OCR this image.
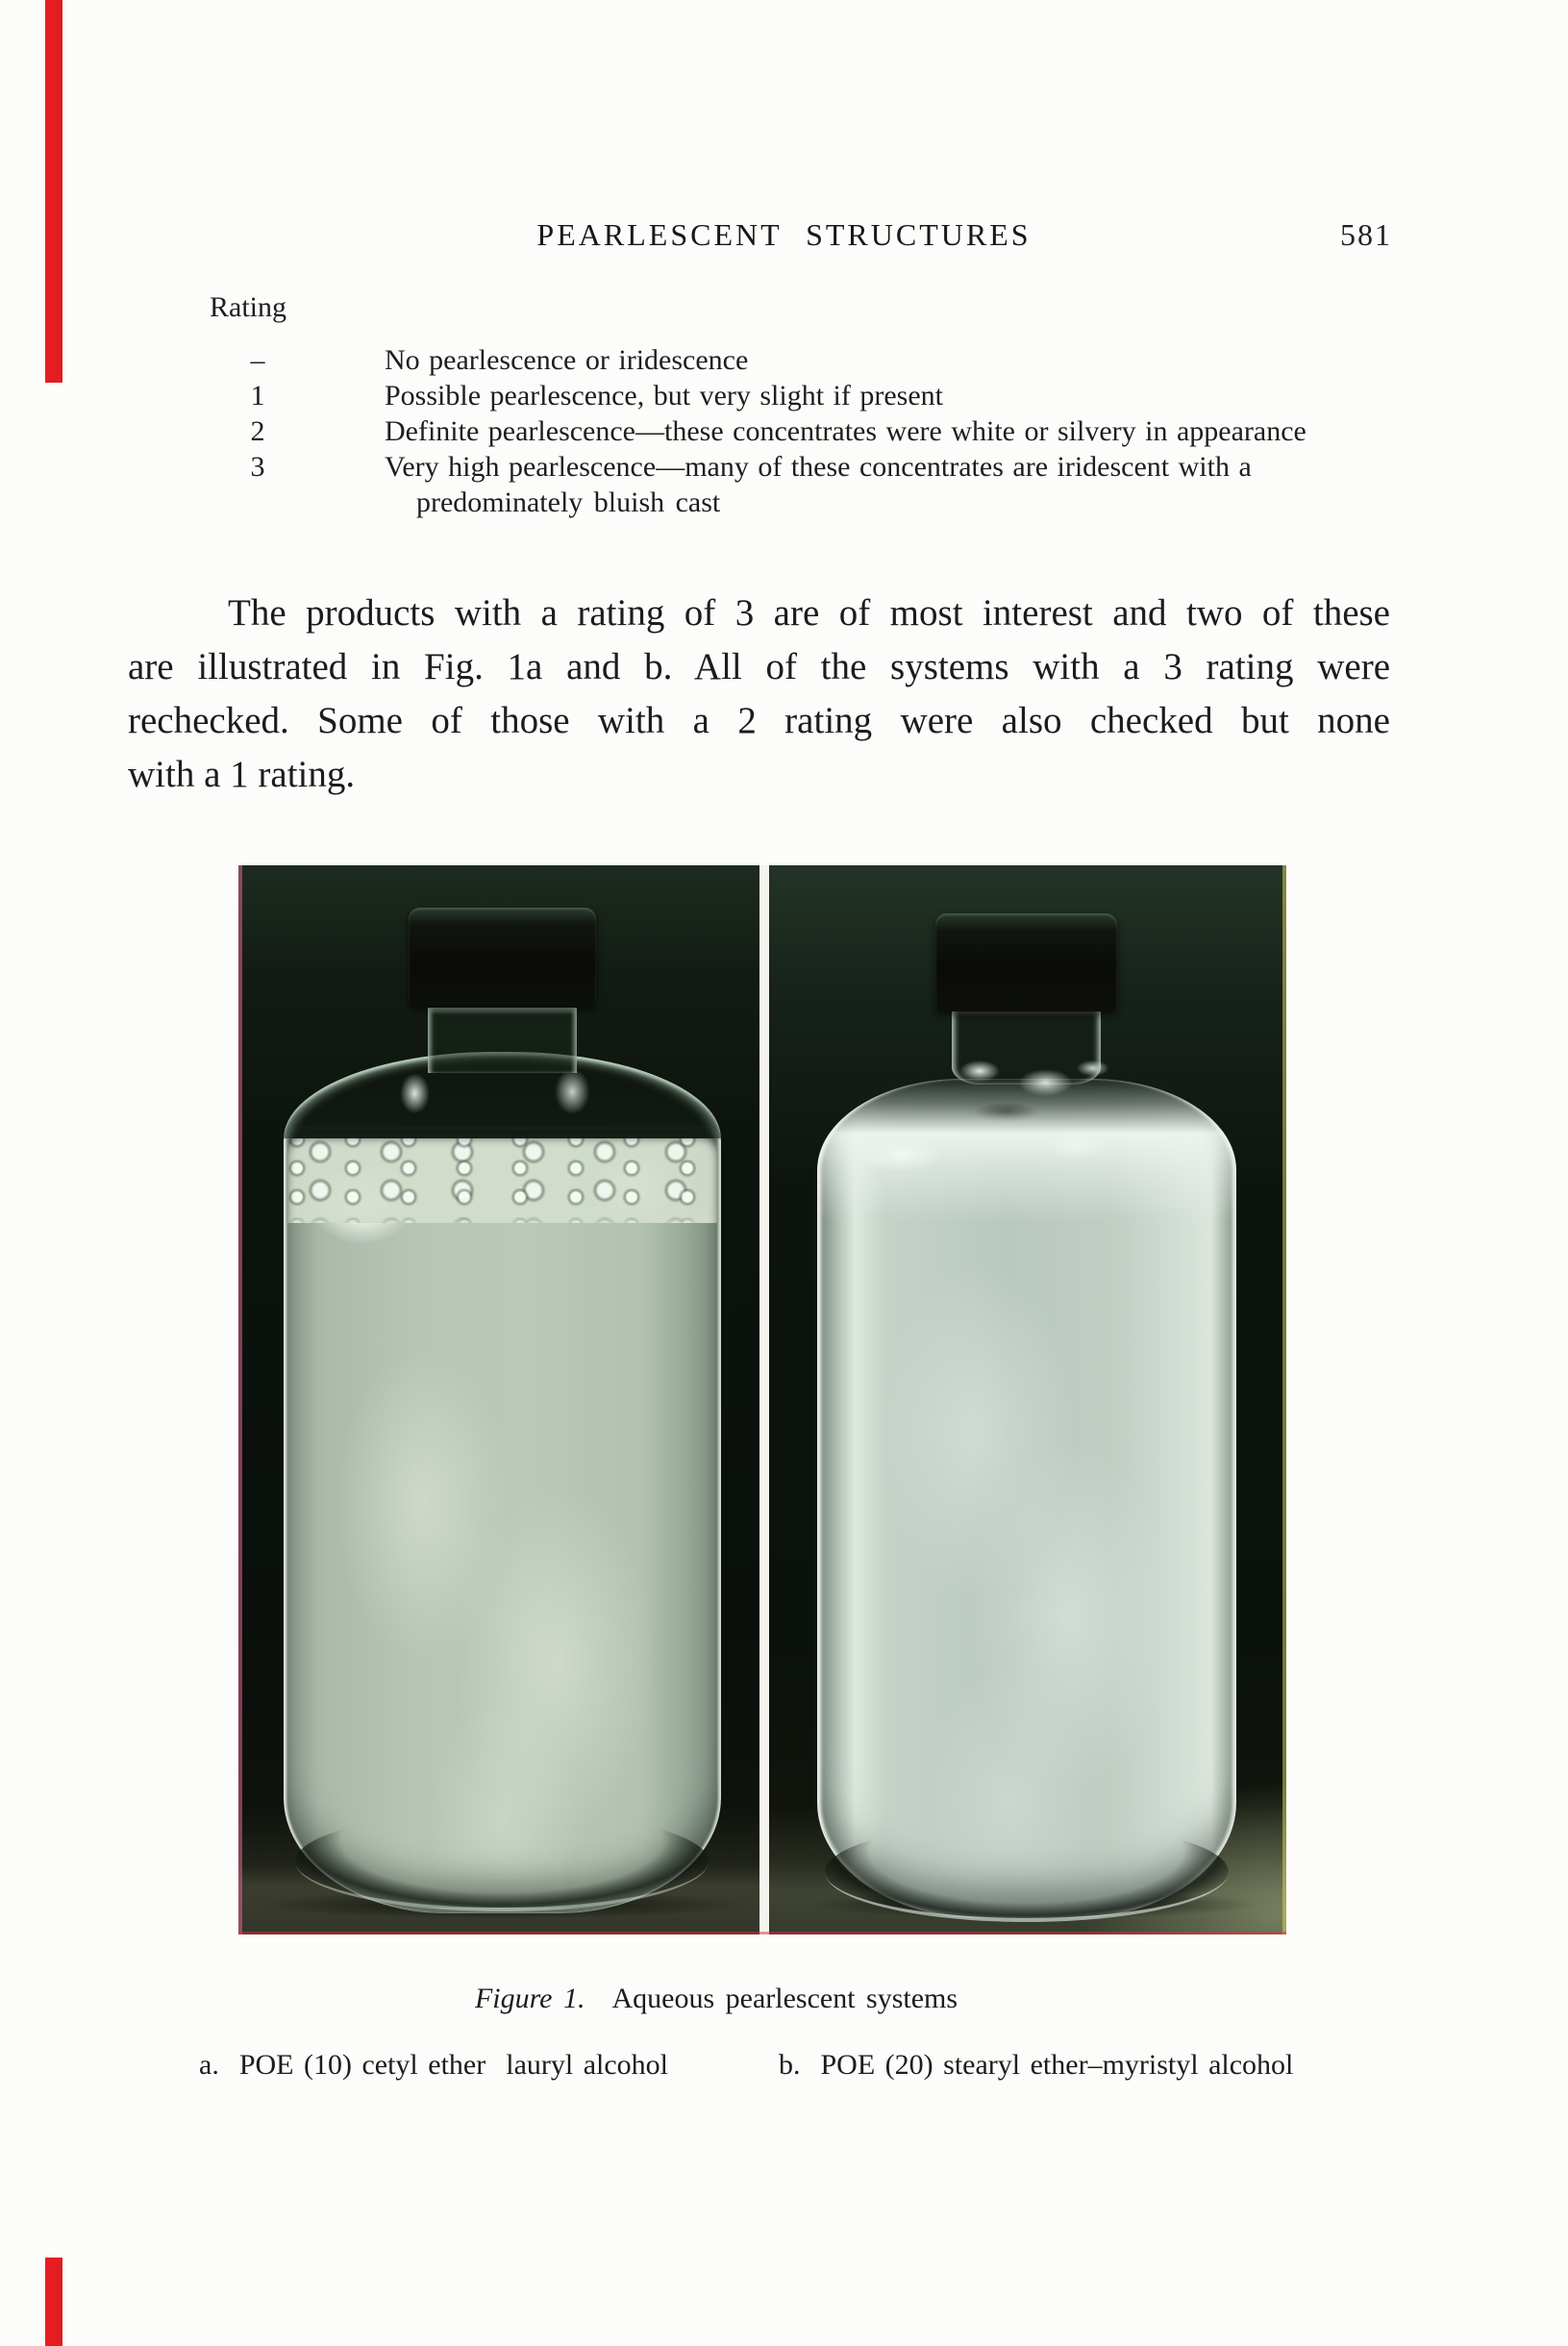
PEARLESCENT STRUCTURES	581
Rating
–	No pearlescence or iridescence
1	Possible pearlescence, but very slight if present
2	Definite pearlescence—these concentrates were white or silvery in appearance
3	Very high pearlescence—many of these concentrates are iridescent with a
predominately bluish cast
The products with a rating of 3 are of most interest and two of these
are illustrated in Fig. 1a and b. All of the systems with a 3 rating were
rechecked. Some of those with a 2 rating were also checked but none
with a 1 rating.
Figure 1. Aqueous pearlescent systems
a.  POE (10) cetyl ether  lauryl alcohol	b.  POE (20) stearyl ether–myristyl alcohol
